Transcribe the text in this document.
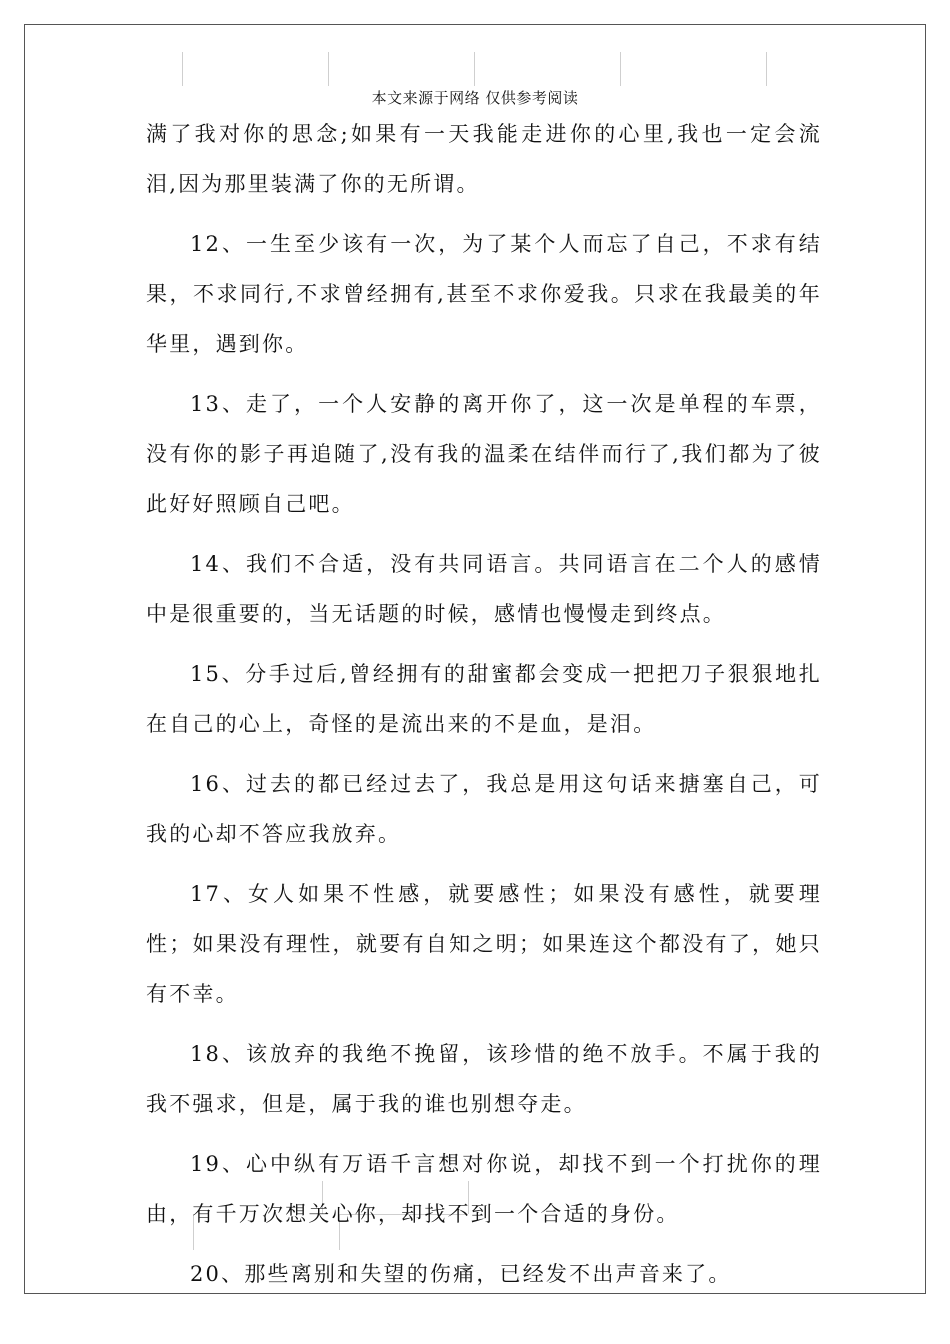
本文来源于网络 仅供参考阅读

满了我对你的思念;如果有一天我能走进你的心里,我也一定会流泪,因为那里装满了你的无所谓。

12、一生至少该有一次，为了某个人而忘了自己，不求有结果，不求同行,不求曾经拥有,甚至不求你爱我。只求在我最美的年华里，遇到你。

13、走了，一个人安静的离开你了，这一次是单程的车票，没有你的影子再追随了,没有我的温柔在结伴而行了,我们都为了彼此好好照顾自己吧。

14、我们不合适，没有共同语言。共同语言在二个人的感情中是很重要的，当无话题的时候，感情也慢慢走到终点。

15、分手过后,曾经拥有的甜蜜都会变成一把把刀子狠狠地扎在自己的心上，奇怪的是流出来的不是血，是泪。

16、过去的都已经过去了，我总是用这句话来搪塞自己，可我的心却不答应我放弃。

17、女人如果不性感，就要感性；如果没有感性，就要理性；如果没有理性，就要有自知之明；如果连这个都没有了，她只有不幸。

18、该放弃的我绝不挽留，该珍惜的绝不放手。不属于我的我不强求，但是，属于我的谁也别想夺走。

19、心中纵有万语千言想对你说，却找不到一个打扰你的理由，有千万次想关心你，却找不到一个合适的身份。

20、那些离别和失望的伤痛，已经发不出声音来了。
